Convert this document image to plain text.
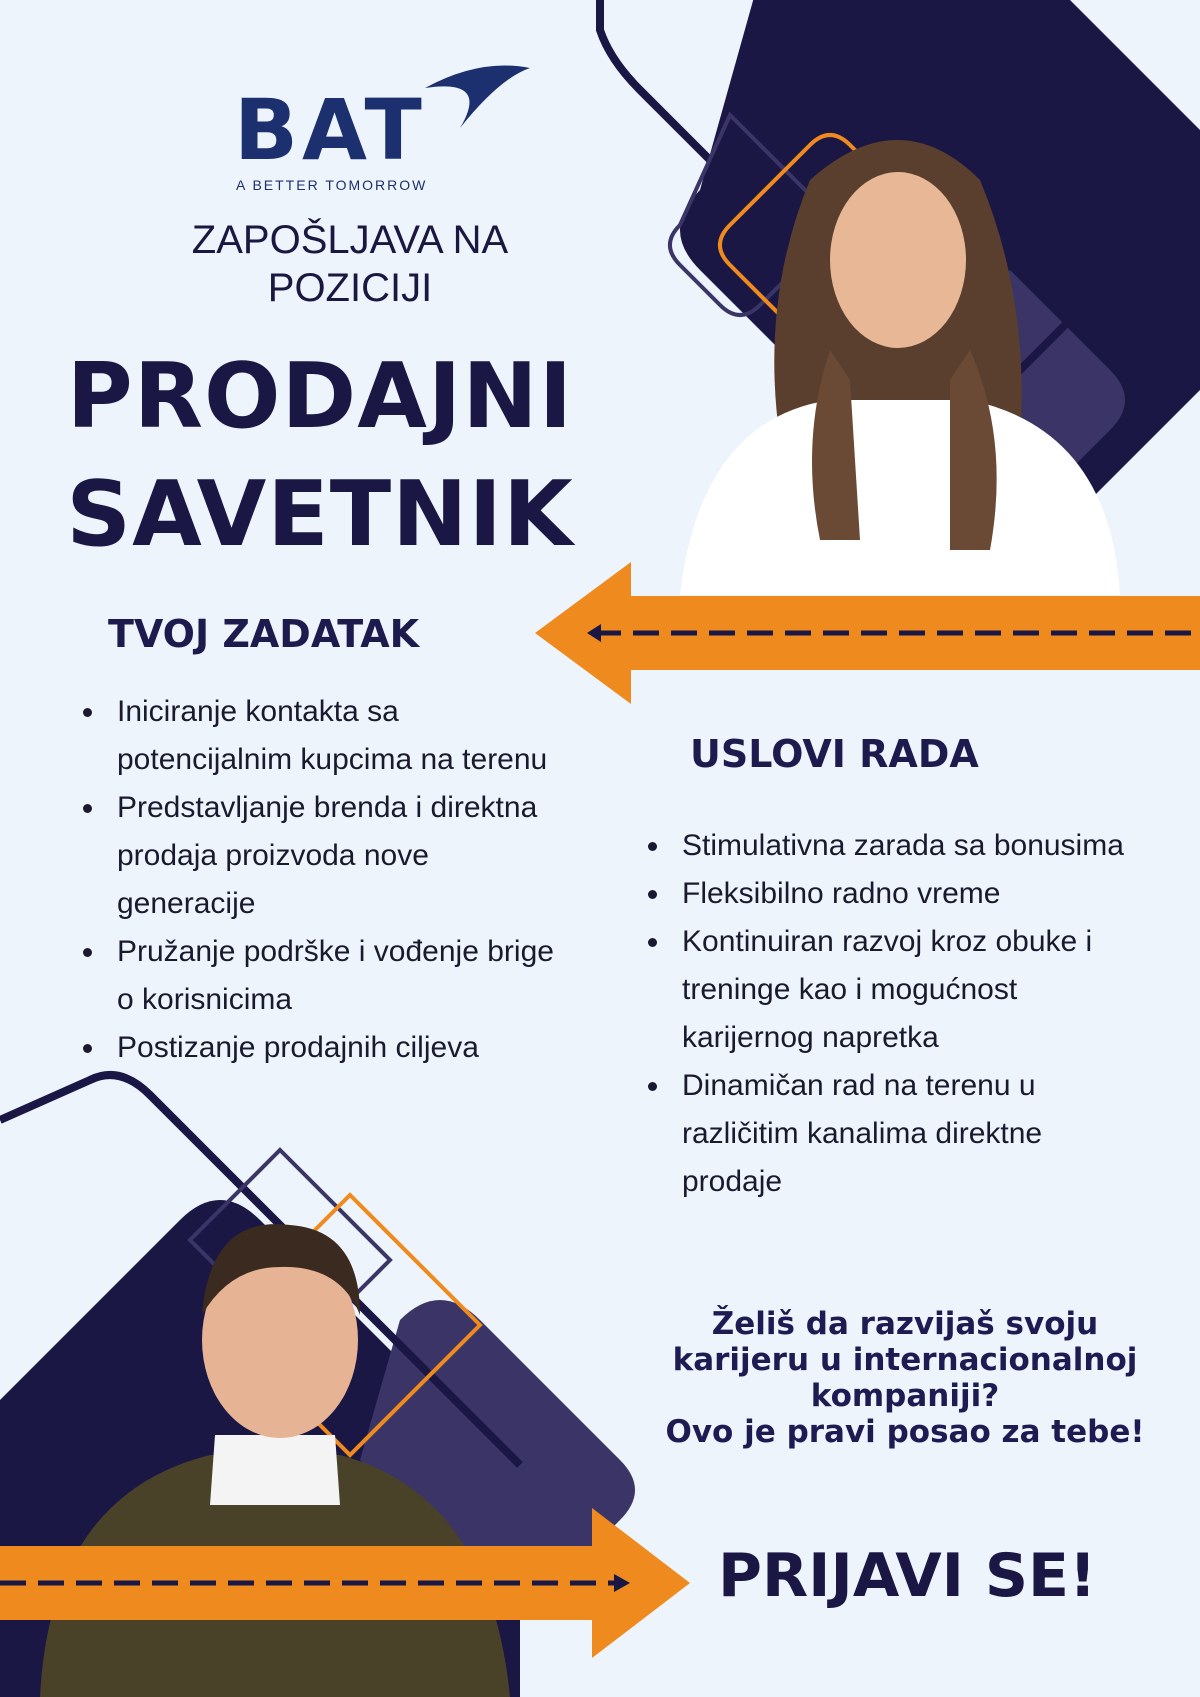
BAT
A BETTER TOMORROW
ZAPOŠLJAVA NA
POZICIJI
PRODAJNI
SAVETNIK
TVOJ ZADATAK
Iniciranje kontakta sa
potencijalnim kupcima na terenu
Predstavljanje brenda i direktna
prodaja proizvoda nove
generacije
Pružanje podrške i vođenje brige
o korisnicima
Postizanje prodajnih ciljeva
USLOVI RADA
Stimulativna zarada sa bonusima
Fleksibilno radno vreme
Kontinuiran razvoj kroz obuke i
treninge kao i mogućnost
karijernog napretka
Dinamičan rad na terenu u
različitim kanalima direktne
prodaje
Želiš da razvijaš svoju
karijeru u internacionalnoj
kompaniji?
Ovo je pravi posao za tebe!
PRIJAVI SE!
